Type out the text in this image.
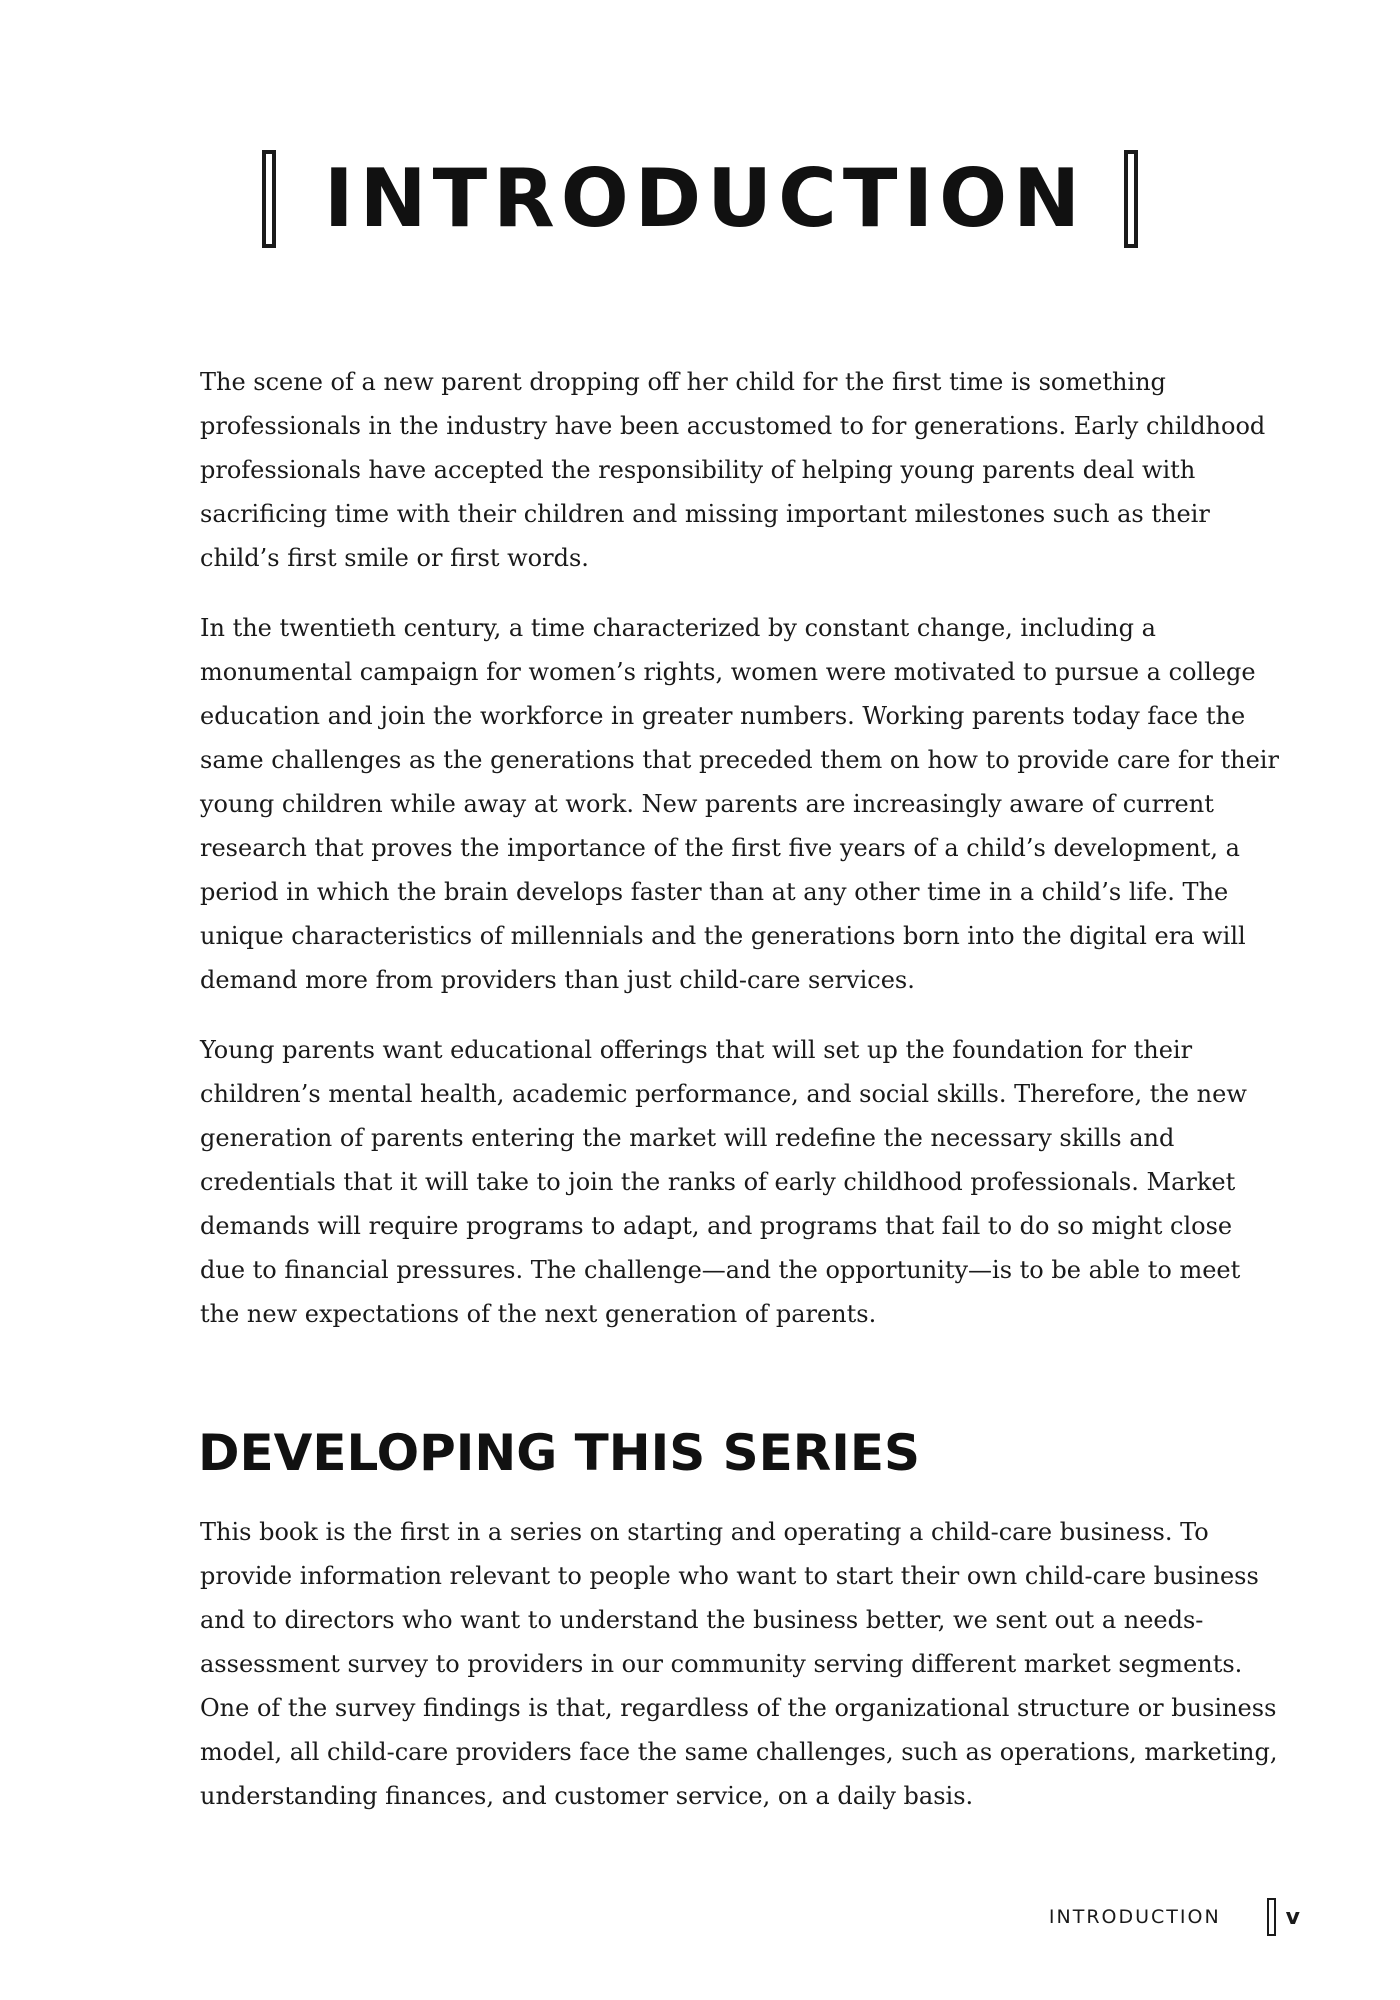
INTRODUCTION

The scene of a new parent dropping off her child for the first time is something professionals in the industry have been accustomed to for generations. Early childhood professionals have accepted the responsibility of helping young parents deal with sacrificing time with their children and missing important milestones such as their child’s first smile or first words.

In the twentieth century, a time characterized by constant change, including a monumental campaign for women’s rights, women were motivated to pursue a college education and join the workforce in greater numbers. Working parents today face the same challenges as the generations that preceded them on how to provide care for their young children while away at work. New parents are increasingly aware of current research that proves the importance of the first five years of a child’s development, a period in which the brain develops faster than at any other time in a child’s life. The unique characteristics of millennials and the generations born into the digital era will demand more from providers than just child-care services.

Young parents want educational offerings that will set up the foundation for their children’s mental health, academic performance, and social skills. Therefore, the new generation of parents entering the market will redefine the necessary skills and credentials that it will take to join the ranks of early childhood professionals. Market demands will require programs to adapt, and programs that fail to do so might close due to financial pressures. The challenge—and the opportunity—is to be able to meet the new expectations of the next generation of parents.

DEVELOPING THIS SERIES

This book is the first in a series on starting and operating a child-care business. To provide information relevant to people who want to start their own child-care business and to directors who want to understand the business better, we sent out a needs-assessment survey to providers in our community serving different market segments. One of the survey findings is that, regardless of the organizational structure or business model, all child-care providers face the same challenges, such as operations, marketing, understanding finances, and customer service, on a daily basis.

INTRODUCTION	v
